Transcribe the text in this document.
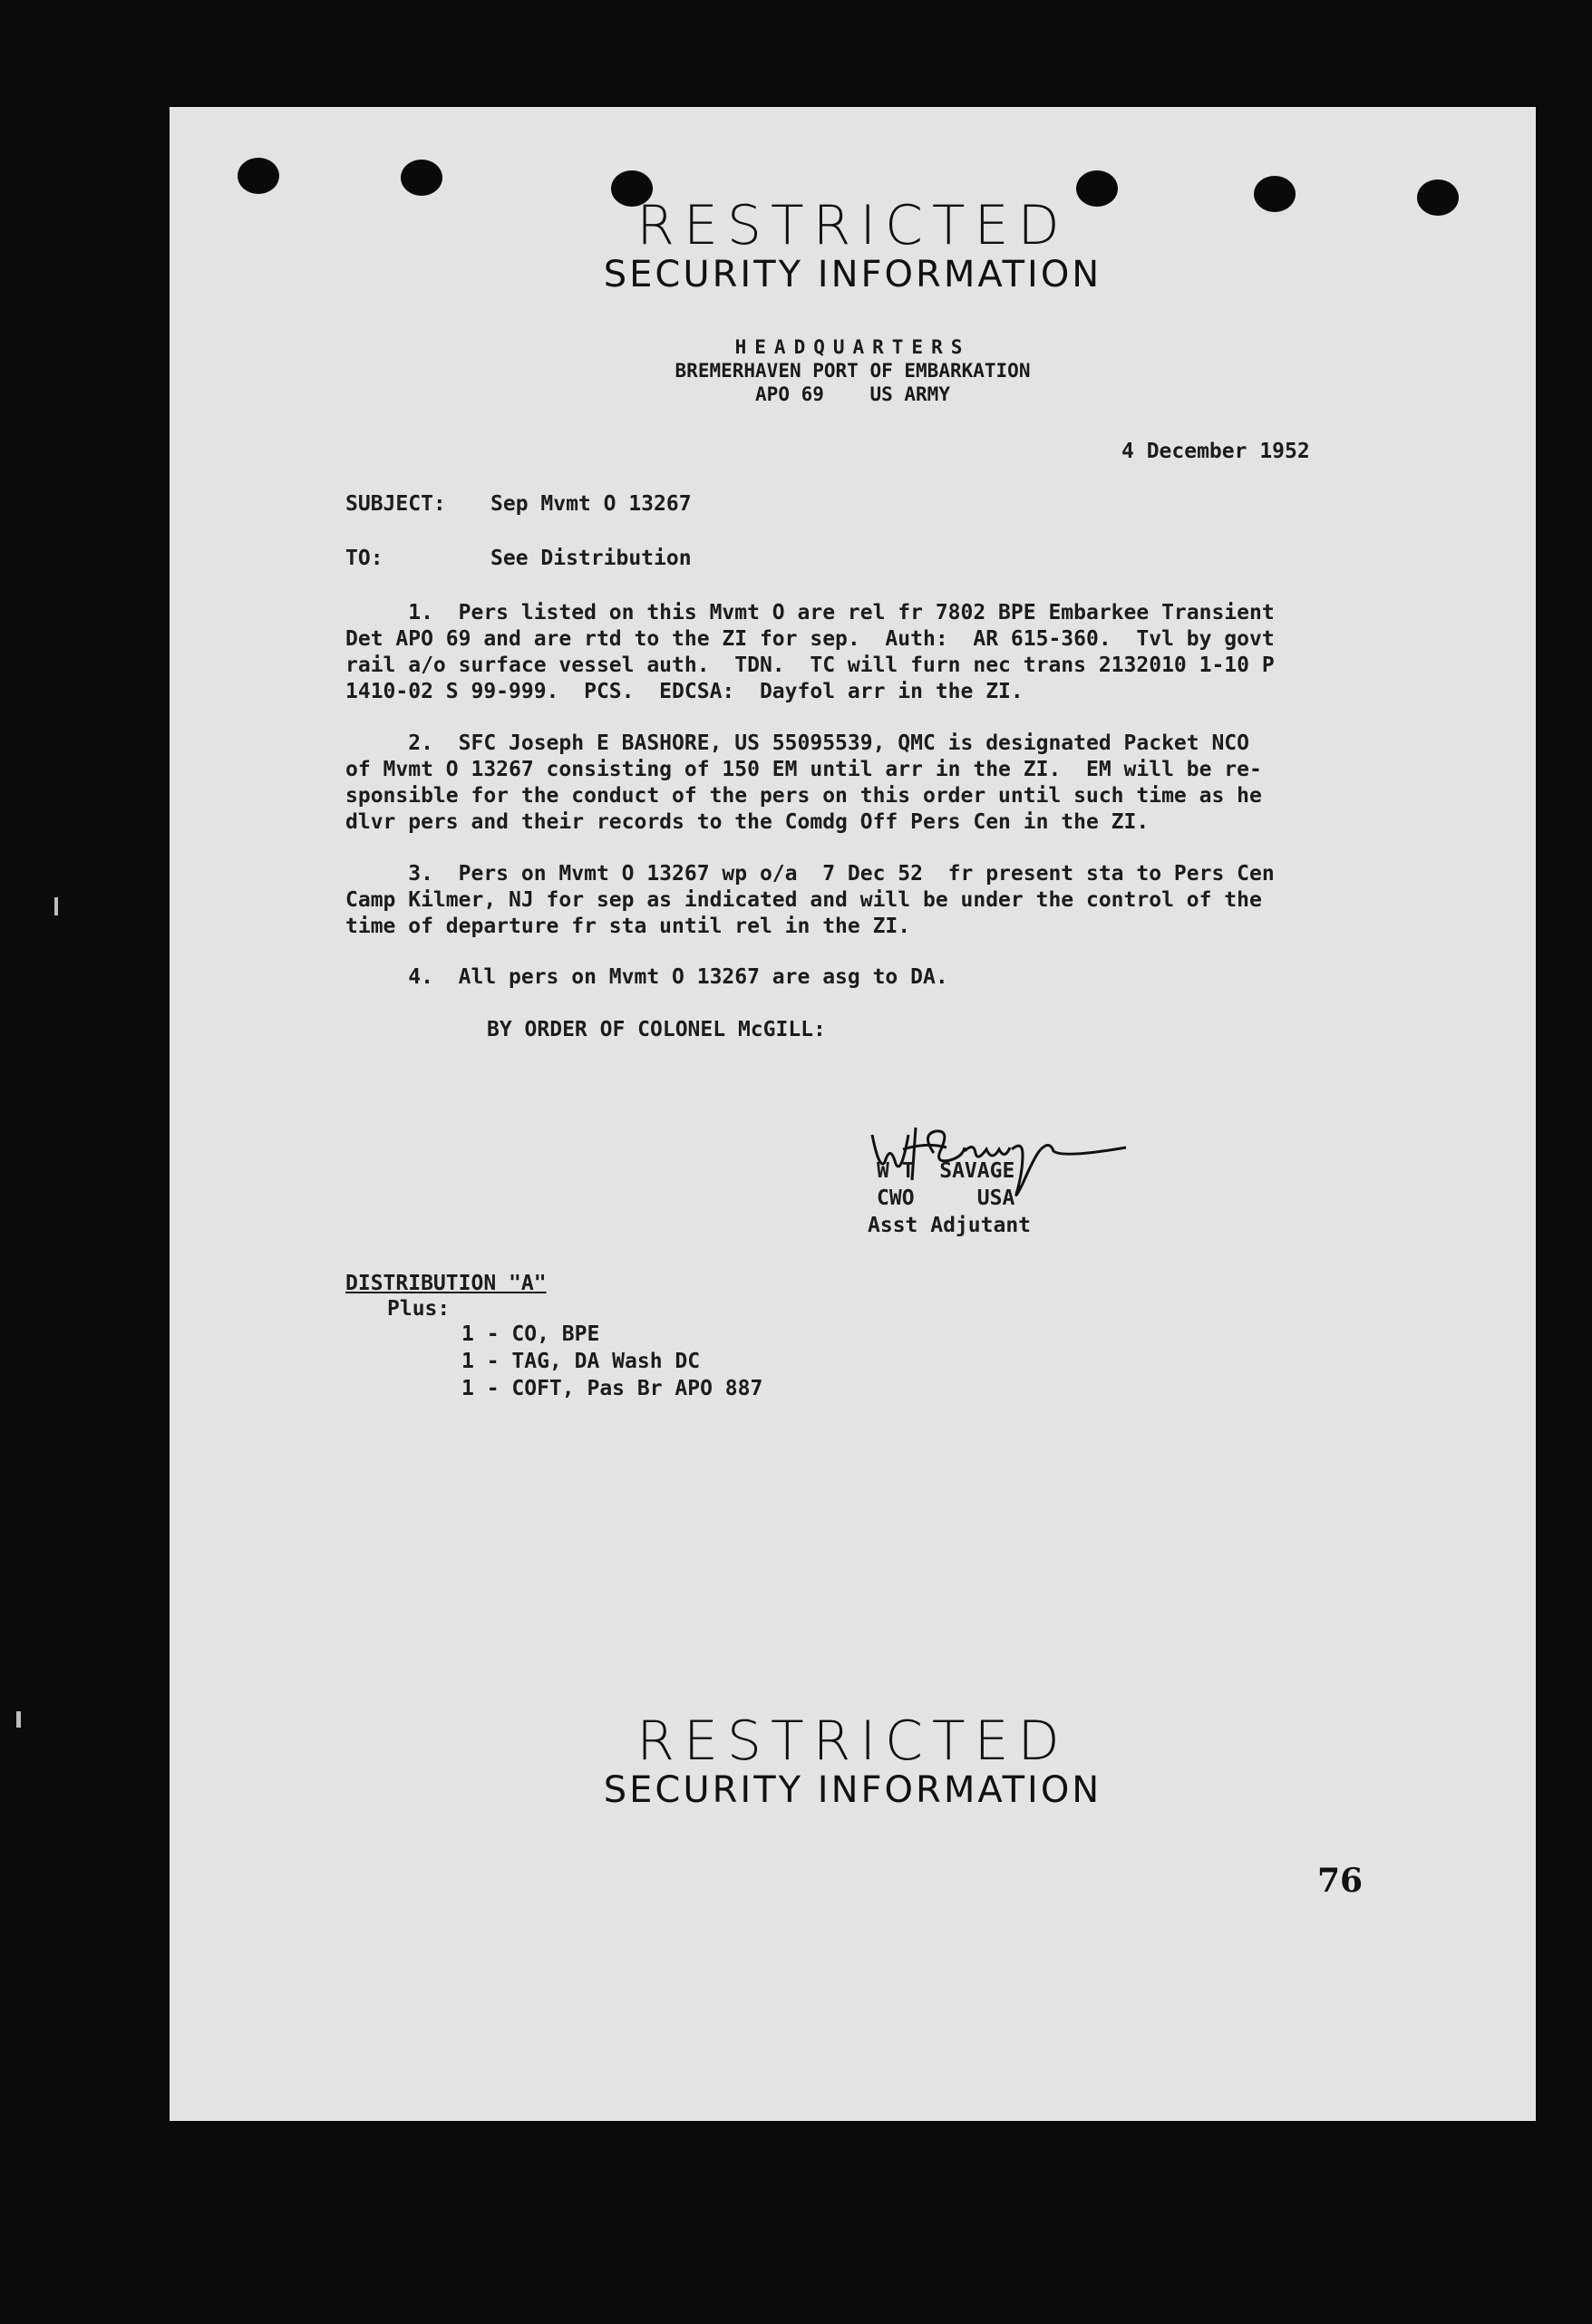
RESTRICTED
SECURITY INFORMATION
HEADQUARTERS
BREMERHAVEN PORT OF EMBARKATION
APO 69    US ARMY
4 December 1952
SUBJECT: Sep Mvmt O 13267
TO:	See Distribution
1.  Pers listed on this Mvmt O are rel fr 7802 BPE Embarkee Transient
Det APO 69 and are rtd to the ZI for sep.  Auth:  AR 615-360.  Tvl by govt
rail a/o surface vessel auth.  TDN.  TC will furn nec trans 2132010 1-10 P
1410-02 S 99-999.  PCS.  EDCSA:  Dayfol arr in the ZI.
2.  SFC Joseph E BASHORE, US 55095539, QMC is designated Packet NCO
of Mvmt O 13267 consisting of 150 EM until arr in the ZI.  EM will be re-
sponsible for the conduct of the pers on this order until such time as he
dlvr pers and their records to the Comdg Off Pers Cen in the ZI.
3.  Pers on Mvmt O 13267 wp o/a  7 Dec 52  fr present sta to Pers Cen
Camp Kilmer, NJ for sep as indicated and will be under the control of the
time of departure fr sta until rel in the ZI.
4.  All pers on Mvmt O 13267 are asg to DA.
BY ORDER OF COLONEL McGILL:
W T  SAVAGE
CWO     USA
Asst Adjutant
DISTRIBUTION "A"
Plus:
1 - CO, BPE
1 - TAG, DA Wash DC
1 - COFT, Pas Br APO 887
RESTRICTED
SECURITY INFORMATION
76
